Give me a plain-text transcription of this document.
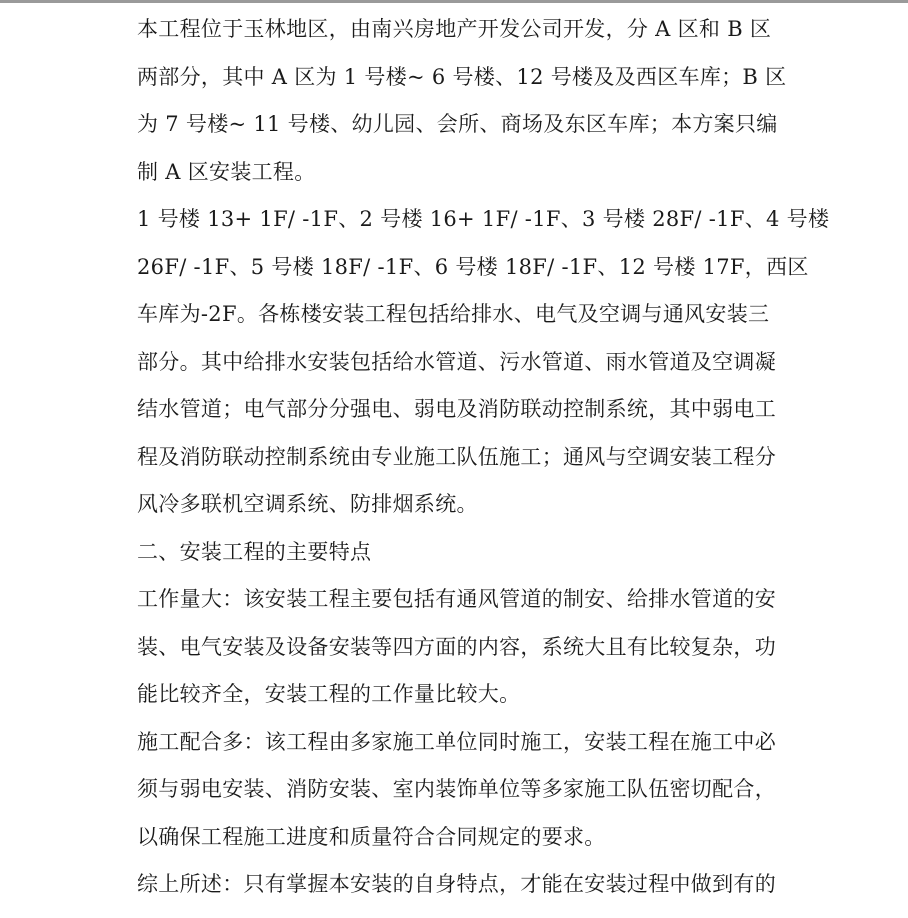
本工程位于玉林地区，由南兴房地产开发公司开发，分 A 区和 B 区
两部分，其中 A 区为 1 号楼~ 6 号楼、12 号楼及及西区车库；B 区
为 7 号楼~ 11 号楼、幼儿园、会所、商场及东区车库；本方案只编
制 A 区安装工程。

1 号楼 13+ 1F/ -1F、2 号楼 16+ 1F/ -1F、3 号楼 28F/ -1F、4 号楼
26F/ -1F、5 号楼 18F/ -1F、6 号楼 18F/ -1F、12 号楼 17F，西区
车库为-2F。各栋楼安装工程包括给排水、电气及空调与通风安装三
部分。其中给排水安装包括给水管道、污水管道、雨水管道及空调凝
结水管道；电气部分分强电、弱电及消防联动控制系统，其中弱电工
程及消防联动控制系统由专业施工队伍施工；通风与空调安装工程分
风冷多联机空调系统、防排烟系统。

二、安装工程的主要特点

工作量大：该安装工程主要包括有通风管道的制安、给排水管道的安
装、电气安装及设备安装等四方面的内容，系统大且有比较复杂，功
能比较齐全，安装工程的工作量比较大。

施工配合多：该工程由多家施工单位同时施工，安装工程在施工中必
须与弱电安装、消防安装、室内装饰单位等多家施工队伍密切配合，
以确保工程施工进度和质量符合合同规定的要求。

综上所述：只有掌握本安装的自身特点，才能在安装过程中做到有的
